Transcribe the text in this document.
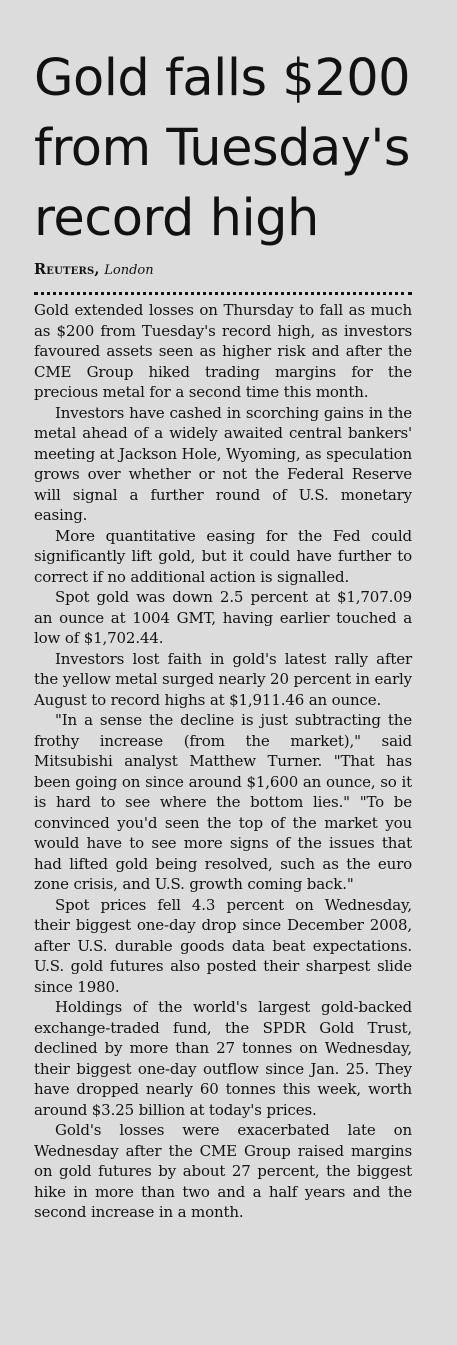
Gold falls $200 from Tuesday's record high
Reuters, London

Gold extended losses on Thursday to fall as much as $200 from Tuesday's record high, as investors favoured assets seen as higher risk and after the CME Group hiked trading margins for the precious metal for a second time this month.

Investors have cashed in scorching gains in the metal ahead of a widely awaited central bankers' meeting at Jackson Hole, Wyoming, as speculation grows over whether or not the Federal Reserve will signal a further round of U.S. monetary easing.

More quantitative easing for the Fed could significantly lift gold, but it could have further to correct if no additional action is signalled.

Spot gold was down 2.5 percent at $1,707.09 an ounce at 1004 GMT, having earlier touched a low of $1,702.44.

Investors lost faith in gold's latest rally after the yellow metal surged nearly 20 percent in early August to record highs at $1,911.46 an ounce.

"In a sense the decline is just subtracting the frothy increase (from the market)," said Mitsubishi analyst Matthew Turner. "That has been going on since around $1,600 an ounce, so it is hard to see where the bottom lies." "To be convinced you'd seen the top of the market you would have to see more signs of the issues that had lifted gold being resolved, such as the euro zone crisis, and U.S. growth coming back."

Spot prices fell 4.3 percent on Wednesday, their biggest one-day drop since December 2008, after U.S. durable goods data beat expectations. U.S. gold futures also posted their sharpest slide since 1980.

Holdings of the world's largest gold-backed exchange-traded fund, the SPDR Gold Trust, declined by more than 27 tonnes on Wednesday, their biggest one-day outflow since Jan. 25. They have dropped nearly 60 tonnes this week, worth around $3.25 billion at today's prices.

Gold's losses were exacerbated late on Wednesday after the CME Group raised margins on gold futures by about 27 percent, the biggest hike in more than two and a half years and the second increase in a month.
